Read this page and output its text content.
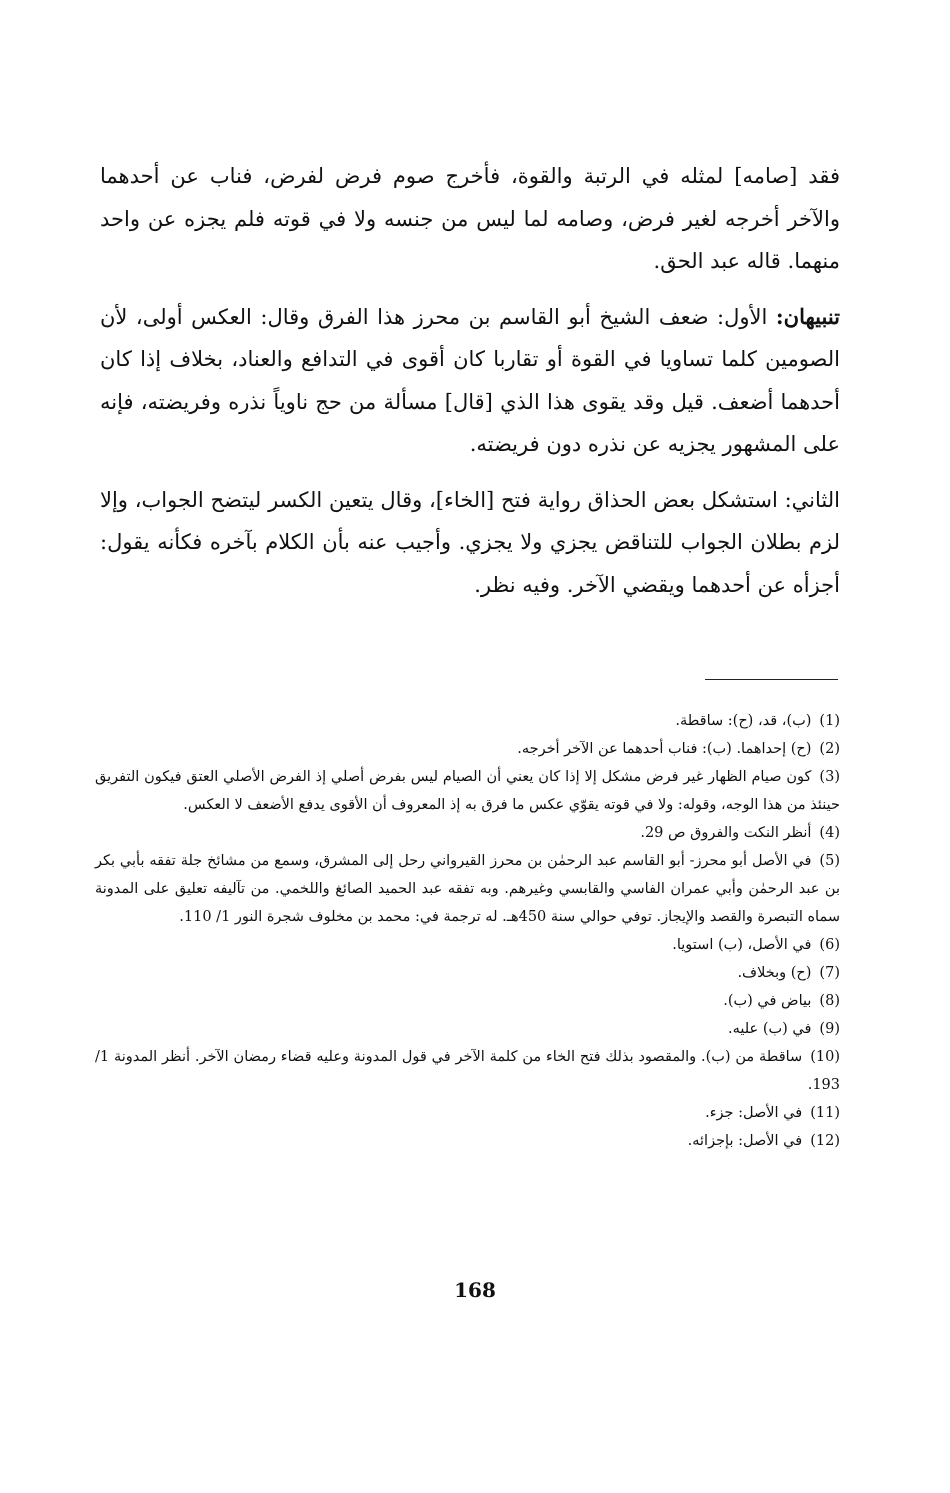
فقد [صامه] لمثله في الرتبة والقوة، فأخرج صوم فرض لفرض، فناب عن أحدهما والآخر أخرجه لغير فرض، وصامه لما ليس من جنسه ولا في قوته فلم يجزه عن واحد منهما. قاله عبد الحق.

تنبيهان: الأول: ضعف الشيخ أبو القاسم بن محرز هذا الفرق وقال: العكس أولى، لأن الصومين كلما تساويا في القوة أو تقاربا كان أقوى في التدافع والعناد، بخلاف إذا كان أحدهما أضعف. قيل وقد يقوى هذا الذي [قال] مسألة من حج ناوياً نذره وفريضته، فإنه على المشهور يجزيه عن نذره دون فريضته.

الثاني: استشكل بعض الحذاق رواية فتح [الخاء]، وقال يتعين الكسر ليتضح الجواب، وإلا لزم بطلان الجواب للتناقض يجزي ولا يجزي. وأجيب عنه بأن الكلام بآخره فكأنه يقول: أجزأه عن أحدهما ويقضي الآخر. وفيه نظر.

(1)(ب)، قد، (ح): ساقطة.

(2)(ح) إحداهما. (ب): فناب أحدهما عن الآخر أخرجه.

(3)كون صيام الظهار غير فرض مشكل إلا إذا كان يعني أن الصيام ليس بفرض أصلي إذ الفرض الأصلي العتق فيكون التفريق حينئذ من هذا الوجه، وقوله: ولا في قوته يقوّي عكس ما فرق به إذ المعروف أن الأقوى يدفع الأضعف لا العكس.

(4)أنظر النكت والفروق ص 29.

(5)في الأصل أبو محرز- أبو القاسم عبد الرحمٰن بن محرز القيرواني رحل إلى المشرق، وسمع من مشائخ جلة تفقه بأبي بكر بن عبد الرحمٰن وأبي عمران الفاسي والقابسي وغيرهم. وبه تفقه عبد الحميد الصائغ واللخمي. من تآليفه تعليق على المدونة سماه التبصرة والقصد والإيجاز. توفي حوالي سنة 450هـ. له ترجمة في: محمد بن مخلوف شجرة النور 1/ 110.

(6)في الأصل، (ب) استويا.

(7)(ح) وبخلاف.

(8)بياض في (ب).

(9)في (ب) عليه.

(10)ساقطة من (ب). والمقصود بذلك فتح الخاء من كلمة الآخر في قول المدونة وعليه قضاء رمضان الآخر. أنظر المدونة 1/ 193.

(11)في الأصل: جزء.

(12)في الأصل: بإجزائه.

168
